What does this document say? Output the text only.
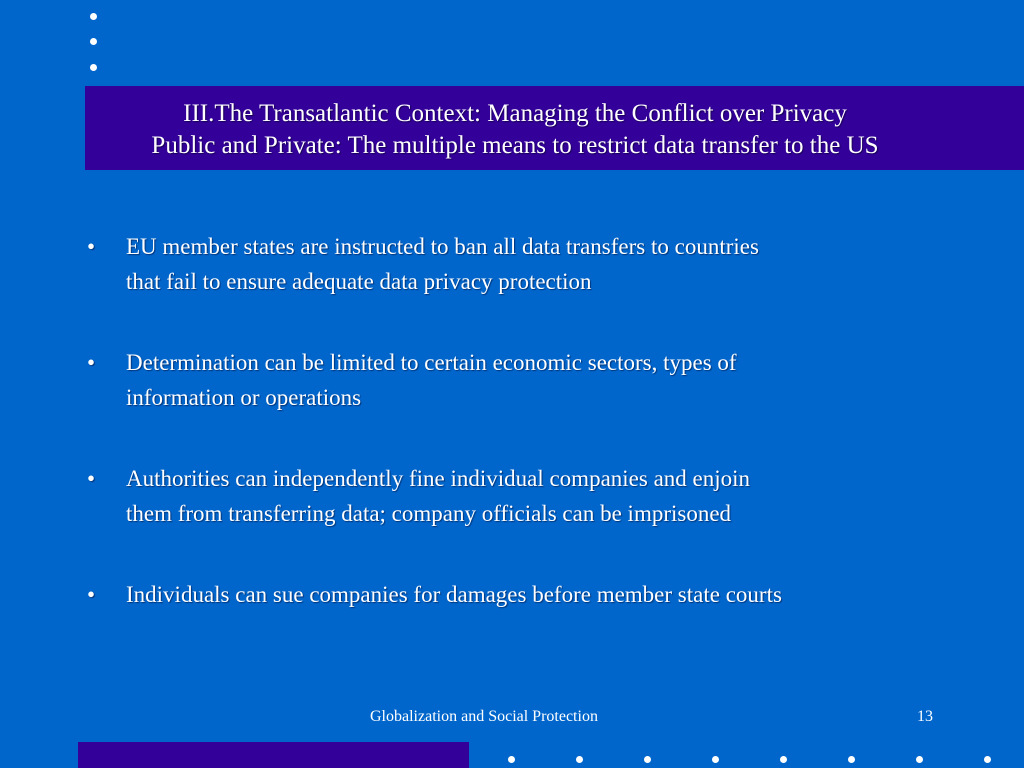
III.The Transatlantic Context: Managing the Conflict over Privacy
Public and Private: The multiple means to restrict data transfer to the US
• EU member states are instructed to ban all data transfers to countries
that fail to ensure adequate data privacy protection
• Determination can be limited to certain economic sectors, types of
information or operations
• Authorities can independently fine individual companies and enjoin
them from transferring data; company officials can be imprisoned
• Individuals can sue companies for damages before member state courts
Globalization and Social Protection	13
